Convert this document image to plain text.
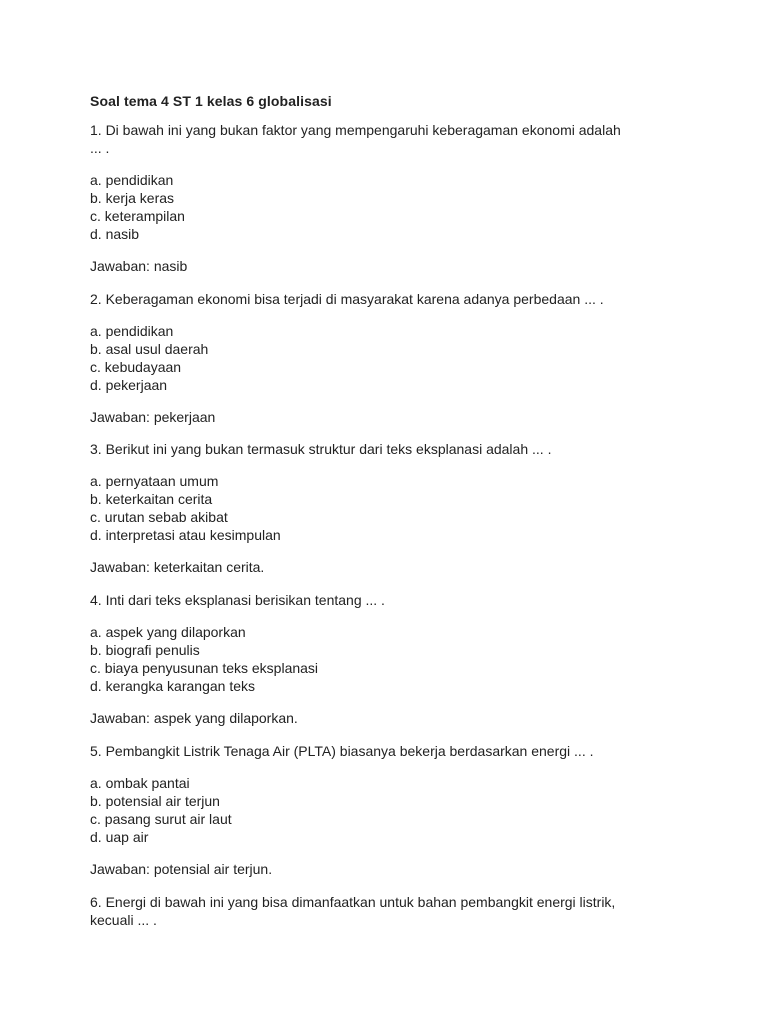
Soal tema 4 ST 1 kelas 6 globalisasi
1. Di bawah ini yang bukan faktor yang mempengaruhi keberagaman ekonomi adalah
... .
a. pendidikan
b. kerja keras
c. keterampilan
d. nasib
Jawaban: nasib
2. Keberagaman ekonomi bisa terjadi di masyarakat karena adanya perbedaan ... .
a. pendidikan
b. asal usul daerah
c. kebudayaan
d. pekerjaan
Jawaban: pekerjaan
3. Berikut ini yang bukan termasuk struktur dari teks eksplanasi adalah ... .
a. pernyataan umum
b. keterkaitan cerita
c. urutan sebab akibat
d. interpretasi atau kesimpulan
Jawaban: keterkaitan cerita.
4. Inti dari teks eksplanasi berisikan tentang ... .
a. aspek yang dilaporkan
b. biografi penulis
c. biaya penyusunan teks eksplanasi
d. kerangka karangan teks
Jawaban: aspek yang dilaporkan.
5. Pembangkit Listrik Tenaga Air (PLTA) biasanya bekerja berdasarkan energi ... .
a. ombak pantai
b. potensial air terjun
c. pasang surut air laut
d. uap air
Jawaban: potensial air terjun.
6. Energi di bawah ini yang bisa dimanfaatkan untuk bahan pembangkit energi listrik,
kecuali ... .
